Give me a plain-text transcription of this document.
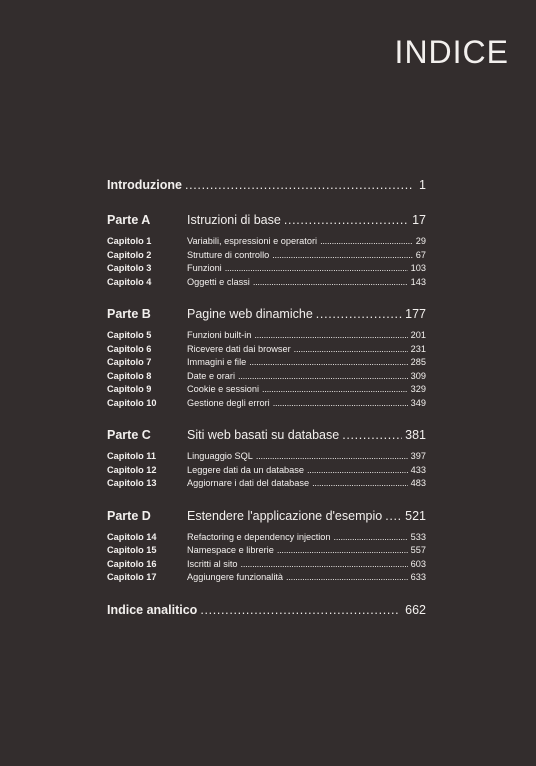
INDICE
Introduzione . . .	1
Parte A	Istruzioni di base . . .	17
Capitolo 1	Variabili, espressioni e operatori . . .	29
Capitolo 2	Strutture di controllo . . .	67
Capitolo 3	Funzioni . . .	103
Capitolo 4	Oggetti e classi . . .	143
Parte B	Pagine web dinamiche . . .	177
Capitolo 5	Funzioni built-in . . .	201
Capitolo 6	Ricevere dati dai browser . . .	231
Capitolo 7	Immagini e file . . .	285
Capitolo 8	Date e orari . . .	309
Capitolo 9	Cookie e sessioni . . .	329
Capitolo 10	Gestione degli errori . . .	349
Parte C	Siti web basati su database . . .	381
Capitolo 11	Linguaggio SQL . . .	397
Capitolo 12	Leggere dati da un database . . .	433
Capitolo 13	Aggiornare i dati del database . . .	483
Parte D	Estendere l'applicazione d'esempio . . . 521
Capitolo 14	Refactoring e dependency injection . . .	533
Capitolo 15	Namespace e librerie . . .	557
Capitolo 16	Iscritti al sito . . .	603
Capitolo 17	Aggiungere funzionalità . . .	633
Indice analitico . . .	662
